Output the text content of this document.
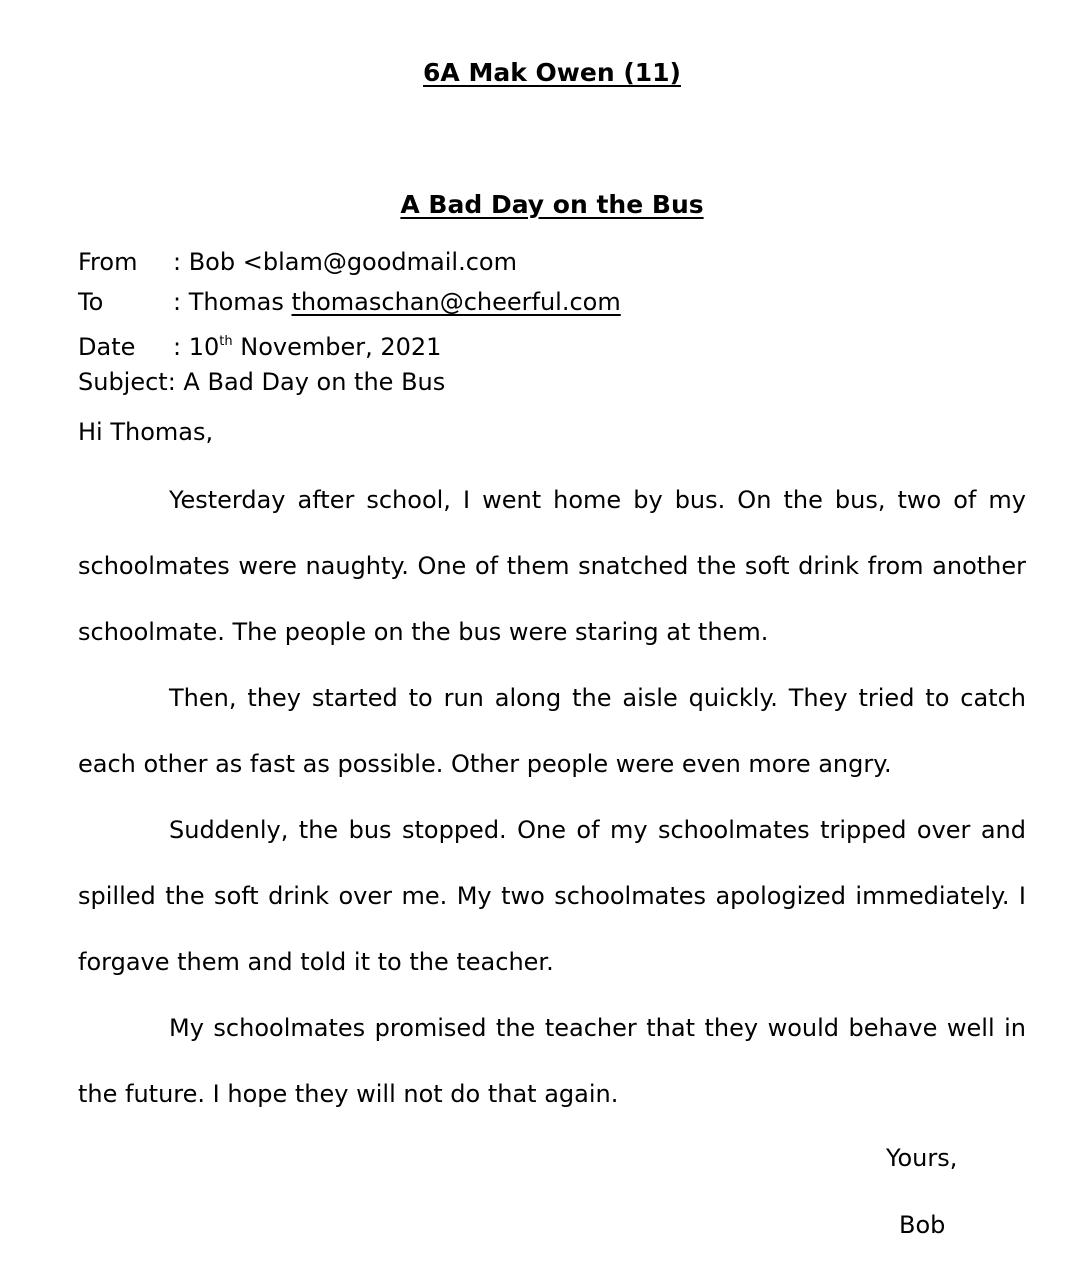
6A Mak Owen (11)
A Bad Day on the Bus
From : Bob <blam@goodmail.com
To	: Thomas thomaschan@cheerful.com
Date : 10th November, 2021
Subject: A Bad Day on the Bus
Hi Thomas,

Yesterday after school, I went home by bus. On the bus, two of my schoolmates were naughty. One of them snatched the soft drink from another schoolmate. The people on the bus were staring at them.

Then, they started to run along the aisle quickly. They tried to catch each other as fast as possible. Other people were even more angry.

Suddenly, the bus stopped. One of my schoolmates tripped over and spilled the soft drink over me. My two schoolmates apologized immediately. I forgave them and told it to the teacher.

My schoolmates promised the teacher that they would behave well in the future. I hope they will not do that again.

Yours,
Bob
